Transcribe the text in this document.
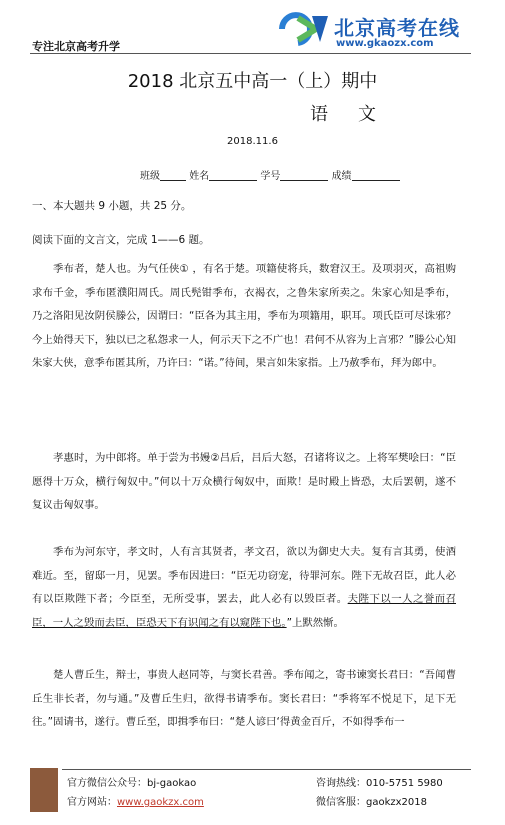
专注北京高考升学
北京高考在线
www.gkaozx.com
2018 北京五中高一（上）期中
语文
2018.11.6
班级	姓名	学号	成绩
一、本大题共 9 小题，共 25 分。
阅读下面的文言文，完成 1——6 题。

季布者，楚人也。为气任侠① ，有名于楚。项籍使将兵，数窘汉王。及项羽灭，高祖购求布千金，季布匿濮阳周氏。周氏髡钳季布，衣褐衣，之鲁朱家所卖之。朱家心知是季布，乃之洛阳见汝阴侯滕公，因谓曰：“臣各为其主用，季布为项籍用，职耳。项氏臣可尽诛邪？今上始得天下，独以已之私怨求一人，何示天下之不广也！君何不从容为上言邪？”滕公心知朱家大侠，意季布匿其所，乃许曰：“诺。”待间，果言如朱家指。上乃赦季布，拜为郎中。

孝惠时，为中郎将。单于尝为书嫚②吕后，吕后大怒，召诸将议之。上将军樊哙曰：“臣愿得十万众，横行匈奴中。”何以十万众横行匈奴中，面欺！是时殿上皆恐，太后罢朝，遂不复议击匈奴事。

季布为河东守，孝文时，人有言其贤者，孝文召，欲以为御史大夫。复有言其勇，使酒难近。至，留邸一月，见罢。季布因进曰：“臣无功窃宠，待罪河东。陛下无故召臣，此人必有以臣欺陛下者；今臣至，无所受事，罢去，此人必有以毁臣者。夫陛下以一人之誉而召臣，一人之毁而去臣，臣恐天下有识闻之有以窥陛下也。”上默然惭。

楚人曹丘生，辩士，事贵人赵同等，与窦长君善。季布闻之，寄书谏窦长君曰：“吾闻曹丘生非长者，勿与通。”及曹丘生归，欲得书请季布。窦长君曰：“季将军不悦足下，足下无往。”固请书，遂行。曹丘至，即揖季布曰：“楚人谚曰‘得黄金百斤，不如得季布一

官方微信公众号：bj-gaokao
官方网站：www.gaokzx.com
咨询热线：010-5751 5980
微信客服：gaokzx2018
